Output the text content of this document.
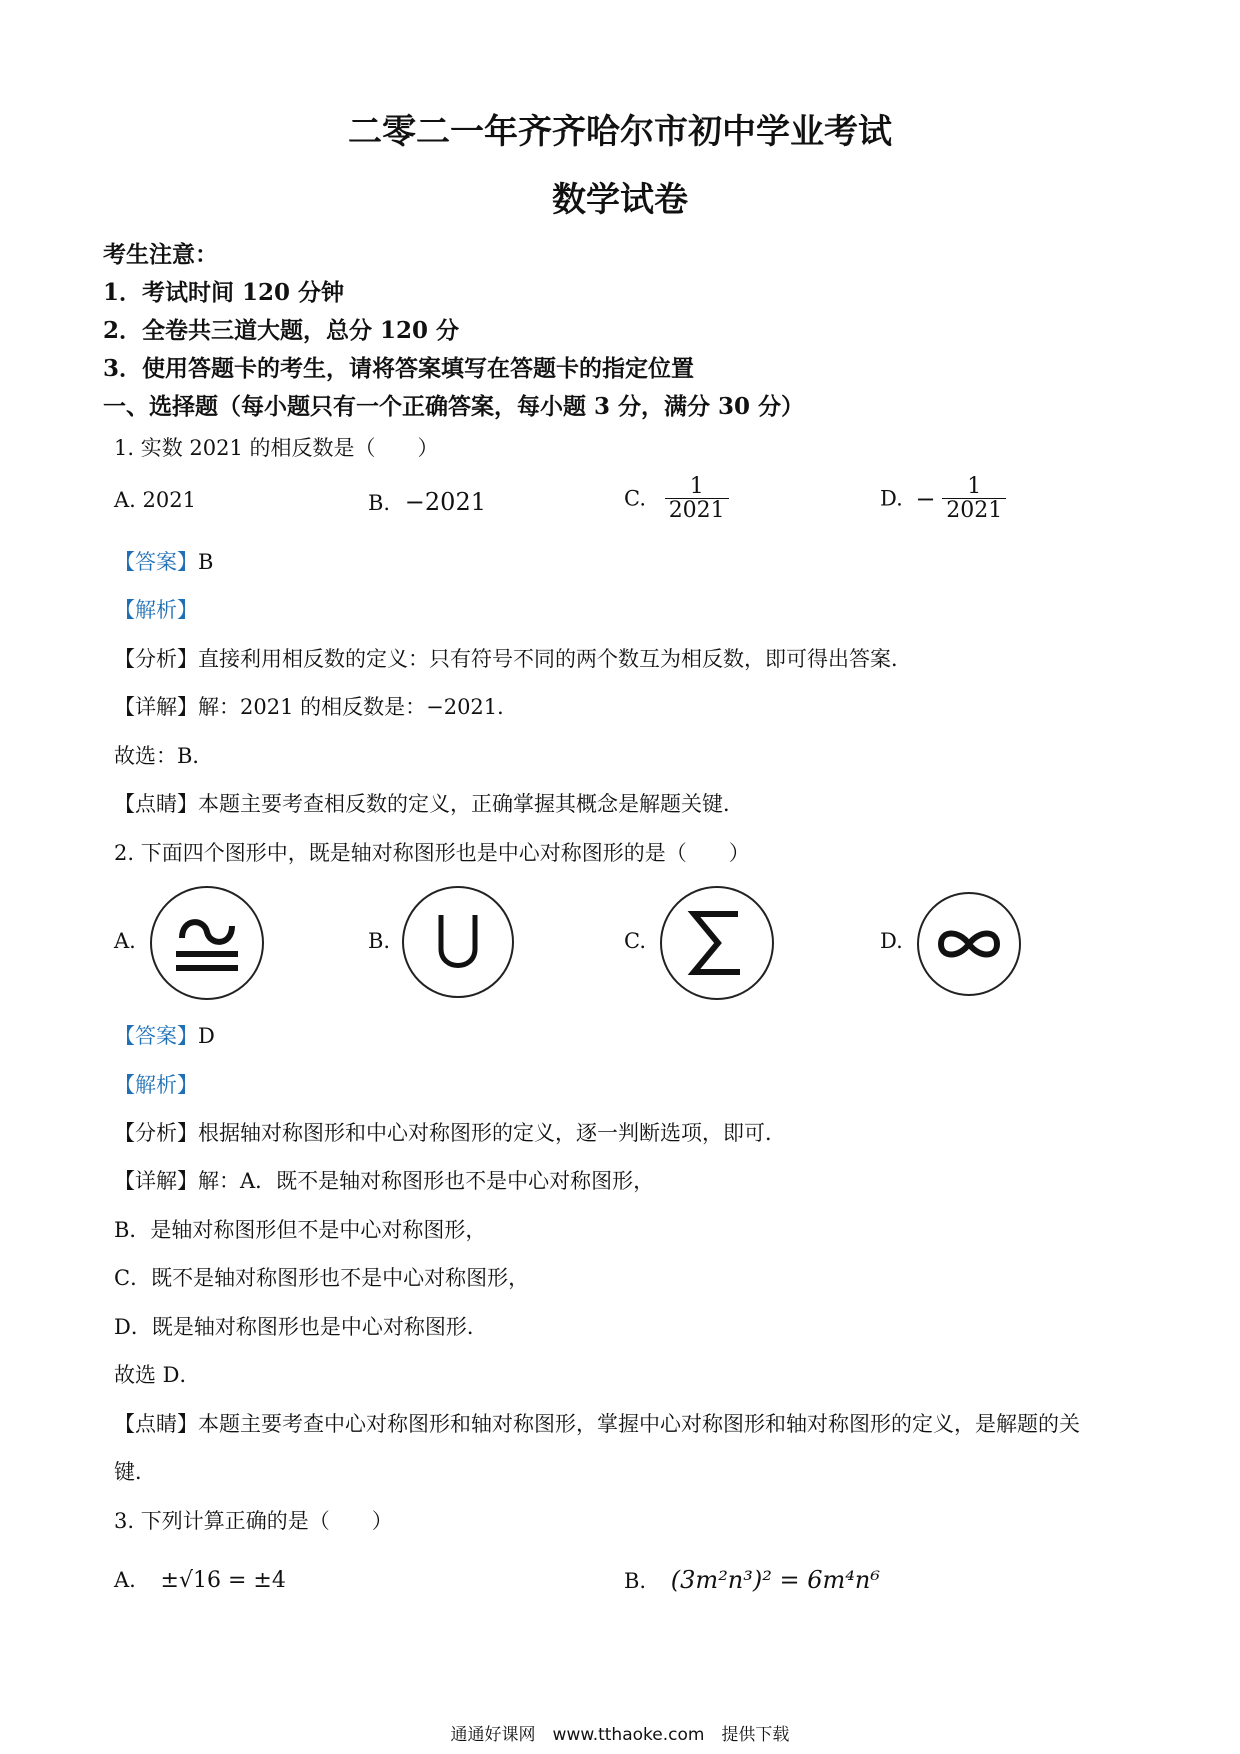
二零二一年齐齐哈尔市初中学业考试
数学试卷
考生注意：
1．考试时间 120 分钟
2．全卷共三道大题，总分 120 分
3．使用答题卡的考生，请将答案填写在答题卡的指定位置
一、选择题（每小题只有一个正确答案，每小题 3 分，满分 30 分）
1. 实数 2021 的相反数是（　　）
A. 2021	B. −2021	C. $\frac{1}{2021}$	D. − $\frac{1}{2021}$
【答案】B
【解析】
【分析】直接利用相反数的定义：只有符号不同的两个数互为相反数，即可得出答案．
【详解】解：2021 的相反数是：−2021．
故选：B．
【点睛】本题主要考查相反数的定义，正确掌握其概念是解题关键．
2. 下面四个图形中，既是轴对称图形也是中心对称图形的是（　　）
A.	B.	C.	D.
【答案】D
【解析】
【分析】根据轴对称图形和中心对称图形的定义，逐一判断选项，即可．
【详解】解：A．既不是轴对称图形也不是中心对称图形，
B．是轴对称图形但不是中心对称图形，
C．既不是轴对称图形也不是中心对称图形，
D．既是轴对称图形也是中心对称图形．
故选 D．
【点睛】本题主要考查中心对称图形和轴对称图形，掌握中心对称图形和轴对称图形的定义，是解题的关
键．
3. 下列计算正确的是（　　）
A. ±√16 = ±4	B. (3m²n³)² = 6m⁴n⁶
通通好课网　www.tthaoke.com　提供下载
